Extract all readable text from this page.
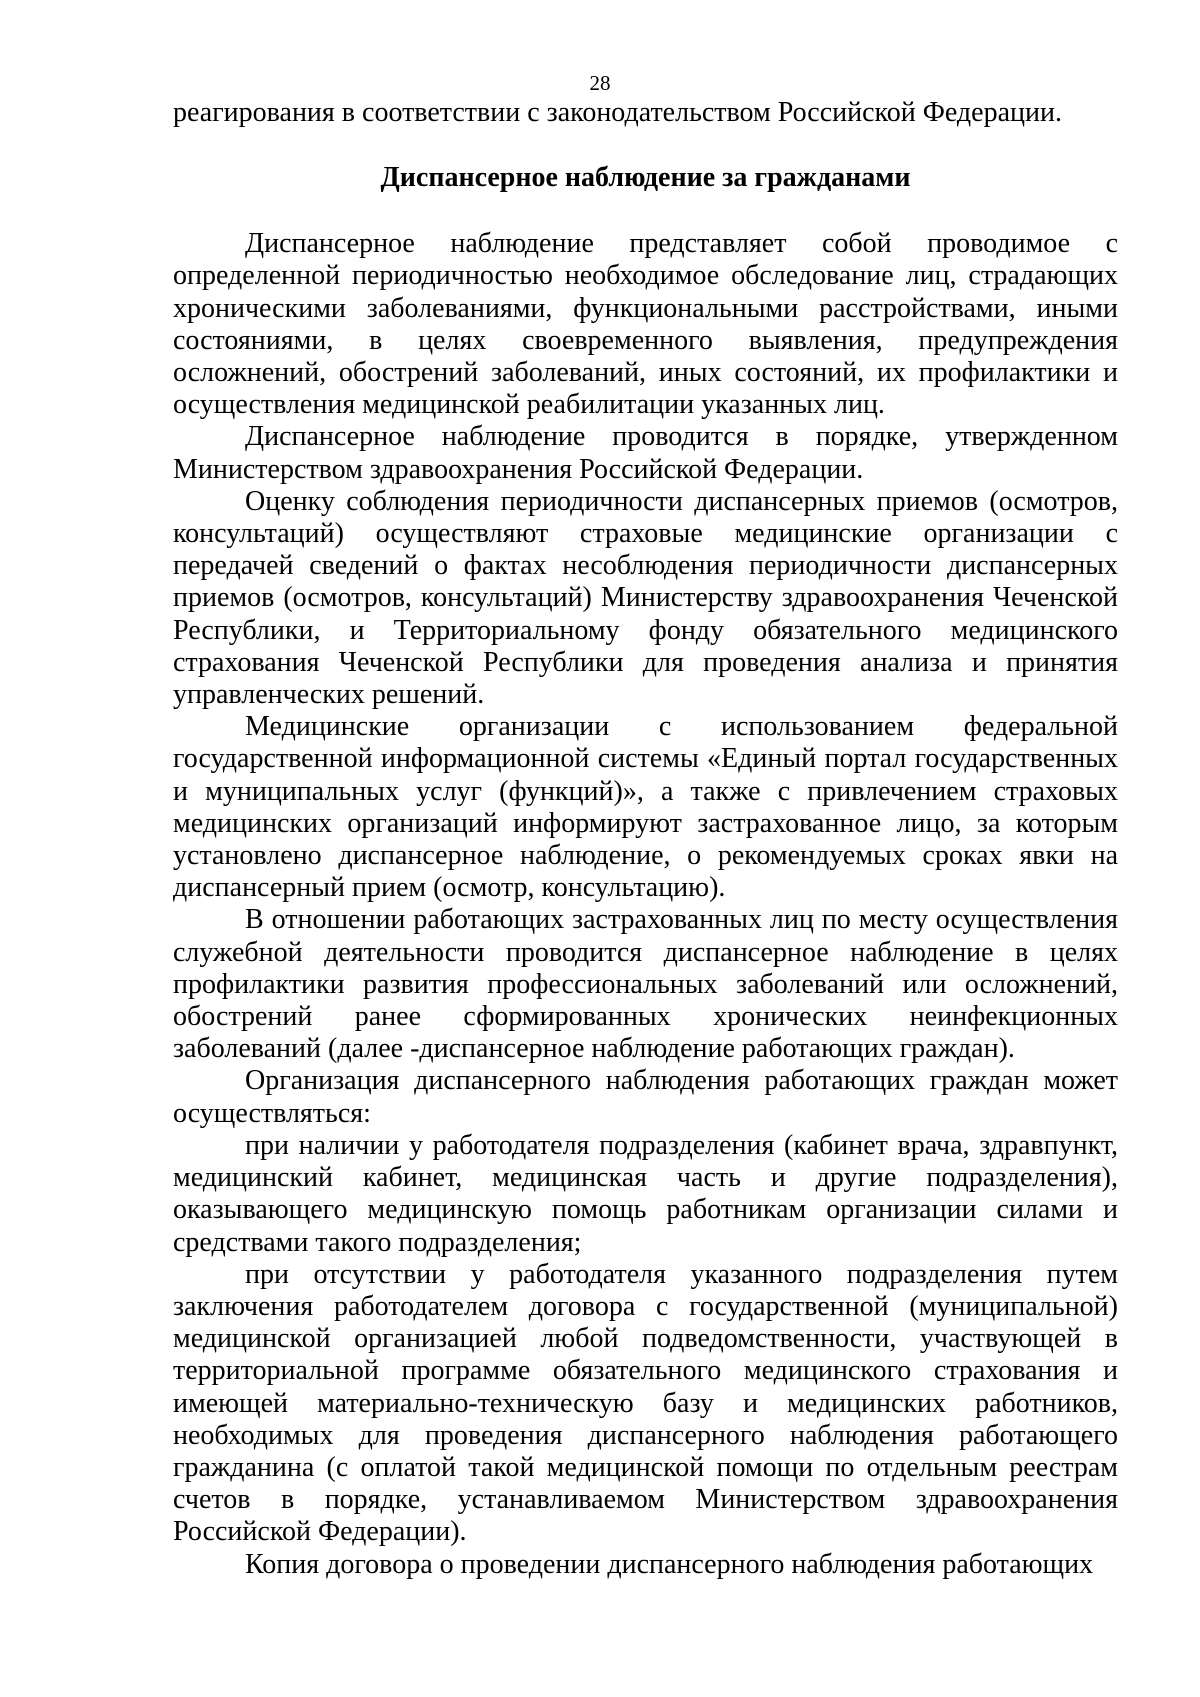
28

реагирования в соответствии с законодательством Российской Федерации.

Диспансерное наблюдение за гражданами

Диспансерное наблюдение представляет собой проводимое с определенной периодичностью необходимое обследование лиц, страдающих хроническими заболеваниями, функциональными расстройствами, иными состояниями, в целях своевременного выявления, предупреждения осложнений, обострений заболеваний, иных состояний, их профилактики и осуществления медицинской реабилитации указанных лиц.

Диспансерное наблюдение проводится в порядке, утвержденном Министерством здравоохранения Российской Федерации.

Оценку соблюдения периодичности диспансерных приемов (осмотров, консультаций) осуществляют страховые медицинские организации с передачей сведений о фактах несоблюдения периодичности диспансерных приемов (осмотров, консультаций) Министерству здравоохранения Чеченской Республики, и Территориальному фонду обязательного медицинского страхования Чеченской Республики для проведения анализа и принятия управленческих решений.

Медицинские организации с использованием федеральной государственной информационной системы «Единый портал государственных и муниципальных услуг (функций)», а также с привлечением страховых медицинских организаций информируют застрахованное лицо, за которым установлено диспансерное наблюдение, о рекомендуемых сроках явки на диспансерный прием (осмотр, консультацию).

В отношении работающих застрахованных лиц по месту осуществления служебной деятельности проводится диспансерное наблюдение в целях профилактики развития профессиональных заболеваний или осложнений, обострений ранее сформированных хронических неинфекционных заболеваний (далее -диспансерное наблюдение работающих граждан).

Организация диспансерного наблюдения работающих граждан может осуществляться:

при наличии у работодателя подразделения (кабинет врача, здравпункт, медицинский кабинет, медицинская часть и другие подразделения), оказывающего медицинскую помощь работникам организации силами и средствами такого подразделения;

при отсутствии у работодателя указанного подразделения путем заключения работодателем договора с государственной (муниципальной) медицинской организацией любой подведомственности, участвующей в территориальной программе обязательного медицинского страхования и имеющей материально-техническую базу и медицинских работников, необходимых для проведения диспансерного наблюдения работающего гражданина (с оплатой такой медицинской помощи по отдельным реестрам счетов в порядке, устанавливаемом Министерством здравоохранения Российской Федерации).

Копия договора о проведении диспансерного наблюдения работающих
